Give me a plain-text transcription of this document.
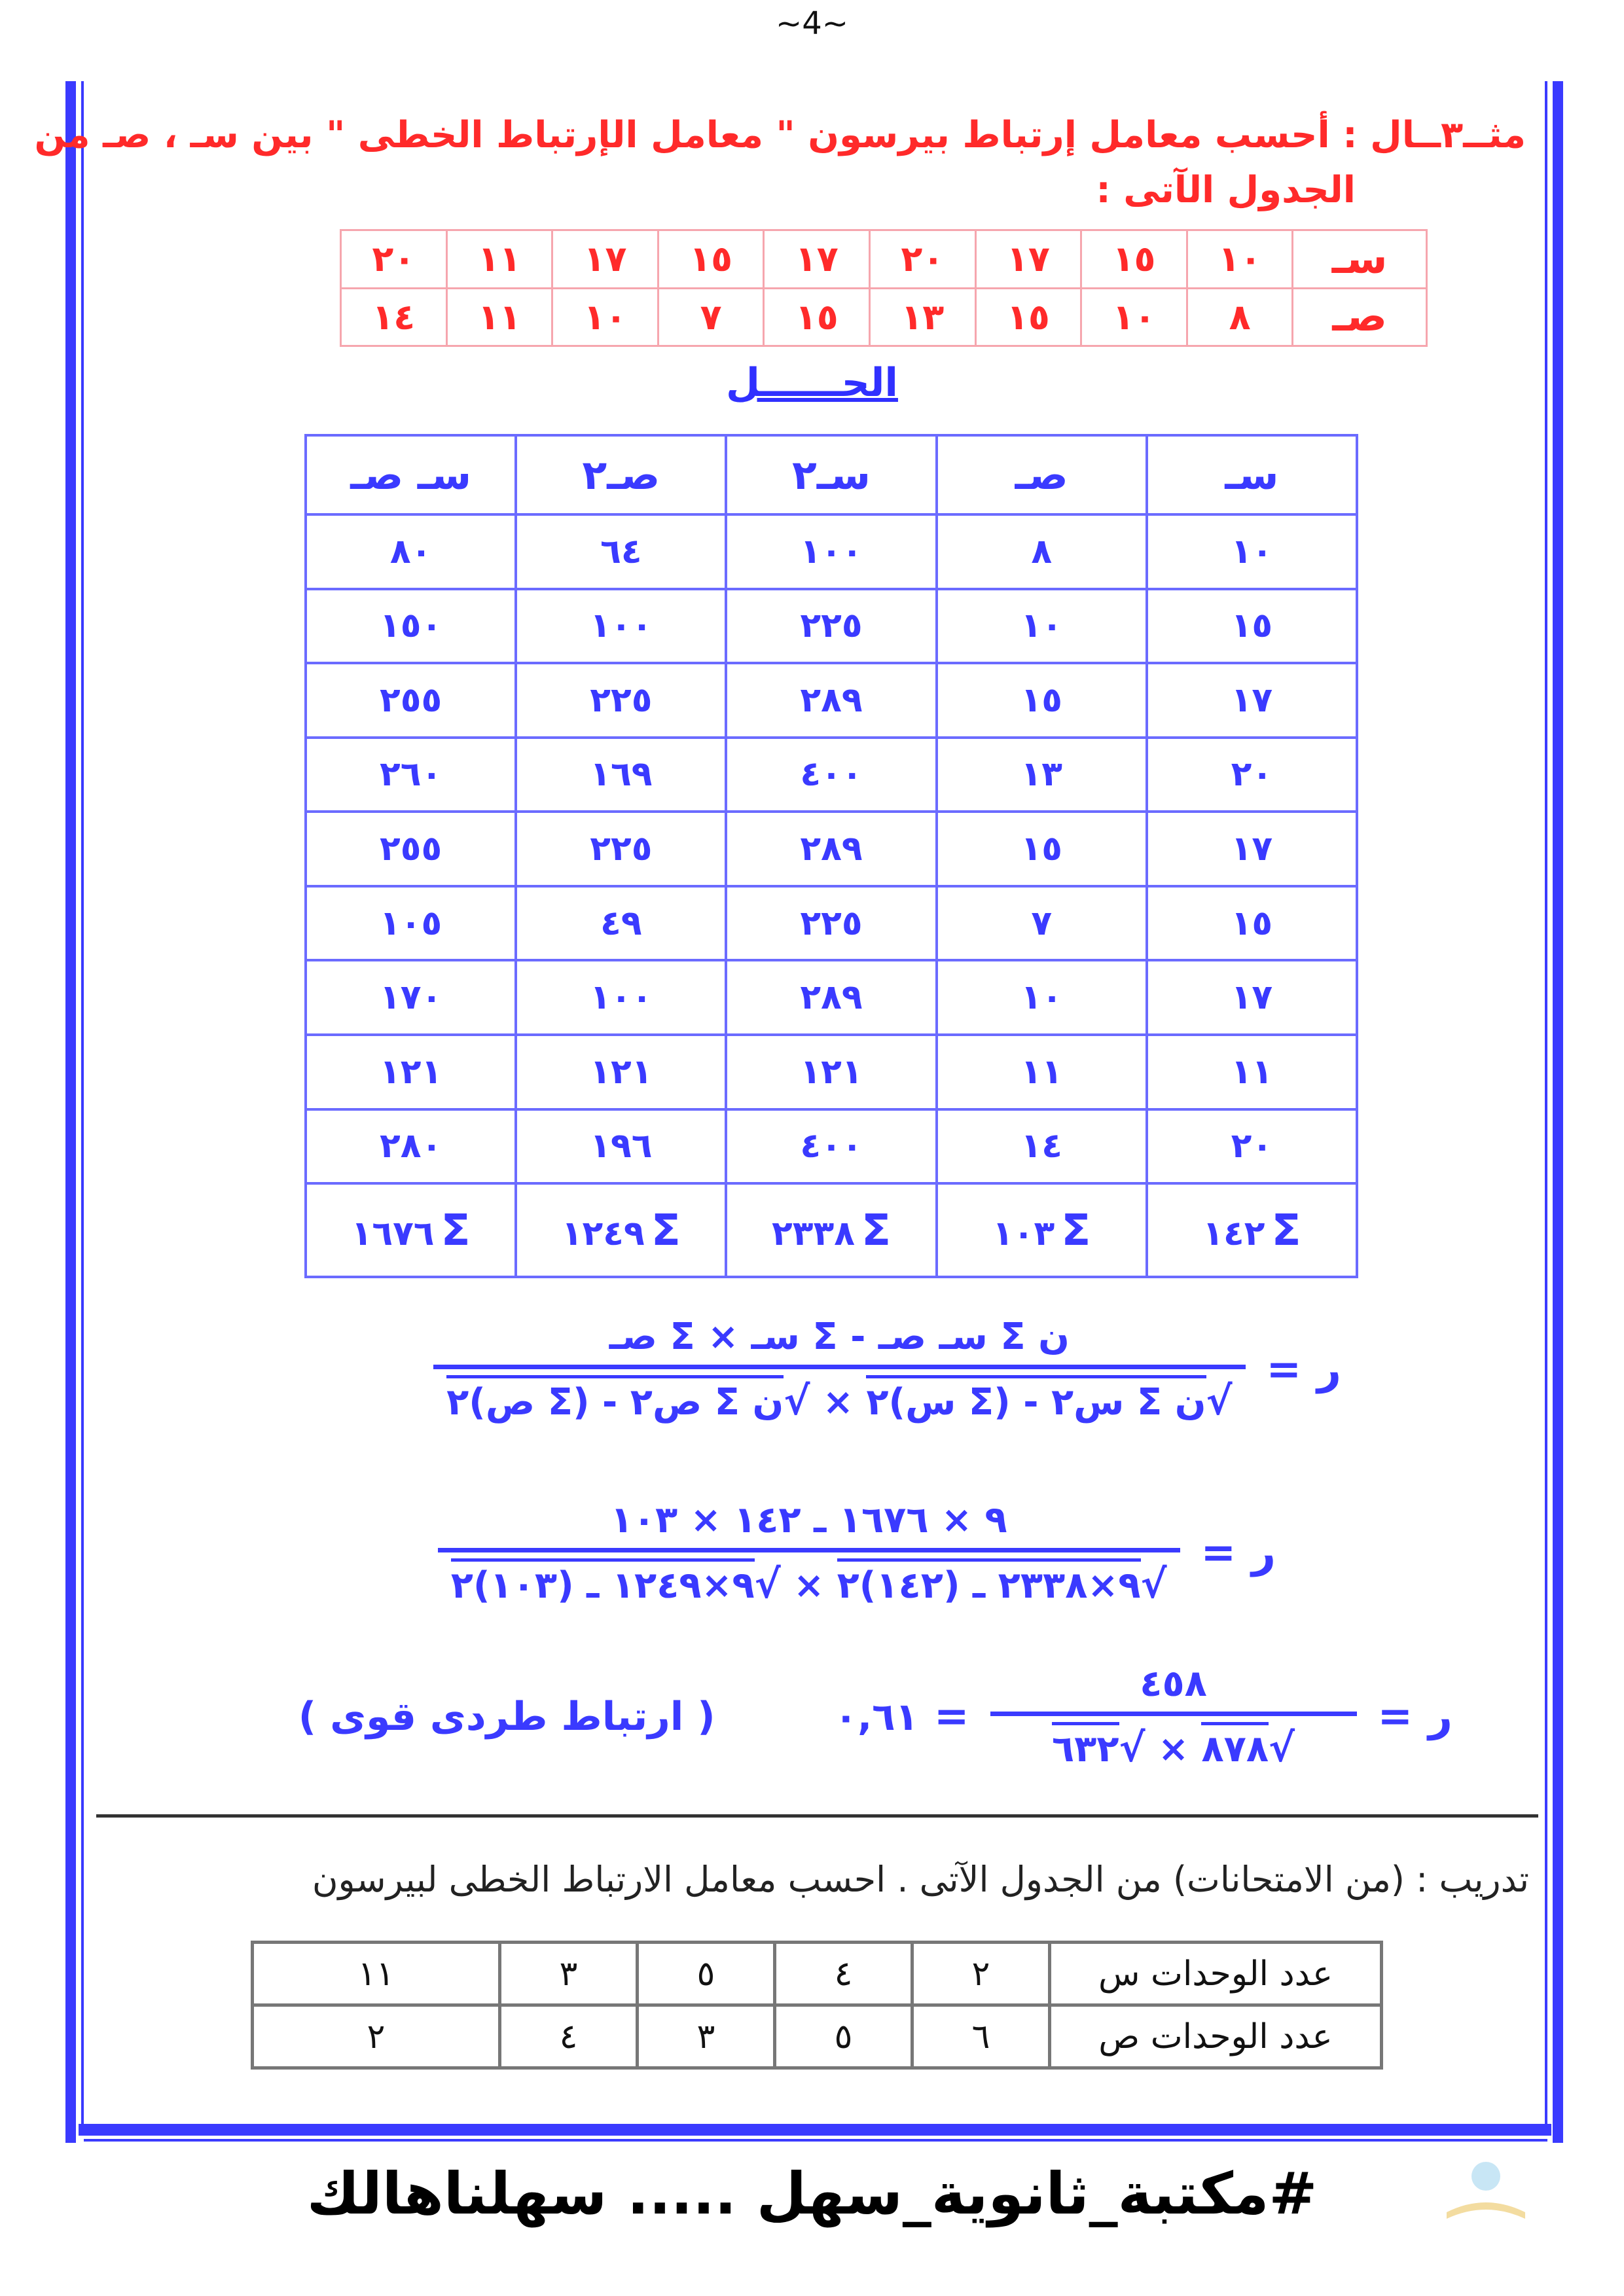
~4~
مثــ٣ــال : أحسب معامل إرتباط بيرسون " معامل الإرتباط الخطى " بين سـ ، صـ من
الجدول الآتى :
سـ	١٠	١٥	١٧	٢٠	١٧	١٥	١٧	١١	٢٠
صـ	٨	١٠	١٥	١٣	١٥	٧	١٠	١١	١٤
الحــــــل
سـ	صـ	سـ٢	صـ٢	سـ صـ
١٠	٨	١٠٠	٦٤	٨٠
١٥	١٠	٢٢٥	١٠٠	١٥٠
١٧	١٥	٢٨٩	٢٢٥	٢٥٥
٢٠	١٣	٤٠٠	١٦٩	٢٦٠
١٧	١٥	٢٨٩	٢٢٥	٢٥٥
١٥	٧	٢٢٥	٤٩	١٠٥
١٧	١٠	٢٨٩	١٠٠	١٧٠
١١	١١	١٢١	١٢١	١٢١
٢٠	١٤	٤٠٠	١٩٦	٢٨٠
١٤٢ Σ	١٠٣ Σ	٢٣٣٨ Σ	١٢٤٩ Σ	١٦٧٦ Σ
ر
=
$\frac{\text{ن Σ سـ صـ - Σ سـ × Σ صـ}}{\text{√ن Σ س٢ - (Σ س)٢ × √ن Σ ص٢ - (Σ ص)٢}}$
ر
=
$\frac{\text{٩ × ١٦٧٦ ـ ١٤٢ × ١٠٣}}{\text{√٩×٢٣٣٨ ـ (١٤٢)٢ × √٩×١٢٤٩ ـ (١٠٣)٢}}$
ر
=
$\frac{٤٥٨}{√٨٧٨ \times √٦٣٢}$
=
٠,٦١
( ارتباط طردى قوى )
تدريب : (من الامتحانات) من الجدول الآتى . احسب معامل الارتباط الخطى لبيرسون
عدد الوحدات س	٢	٤	٥	٣	١١
عدد الوحدات ص	٦	٥	٣	٤	٢
#مكتبة_ثانوية_سهل ..... سهلناهالك
